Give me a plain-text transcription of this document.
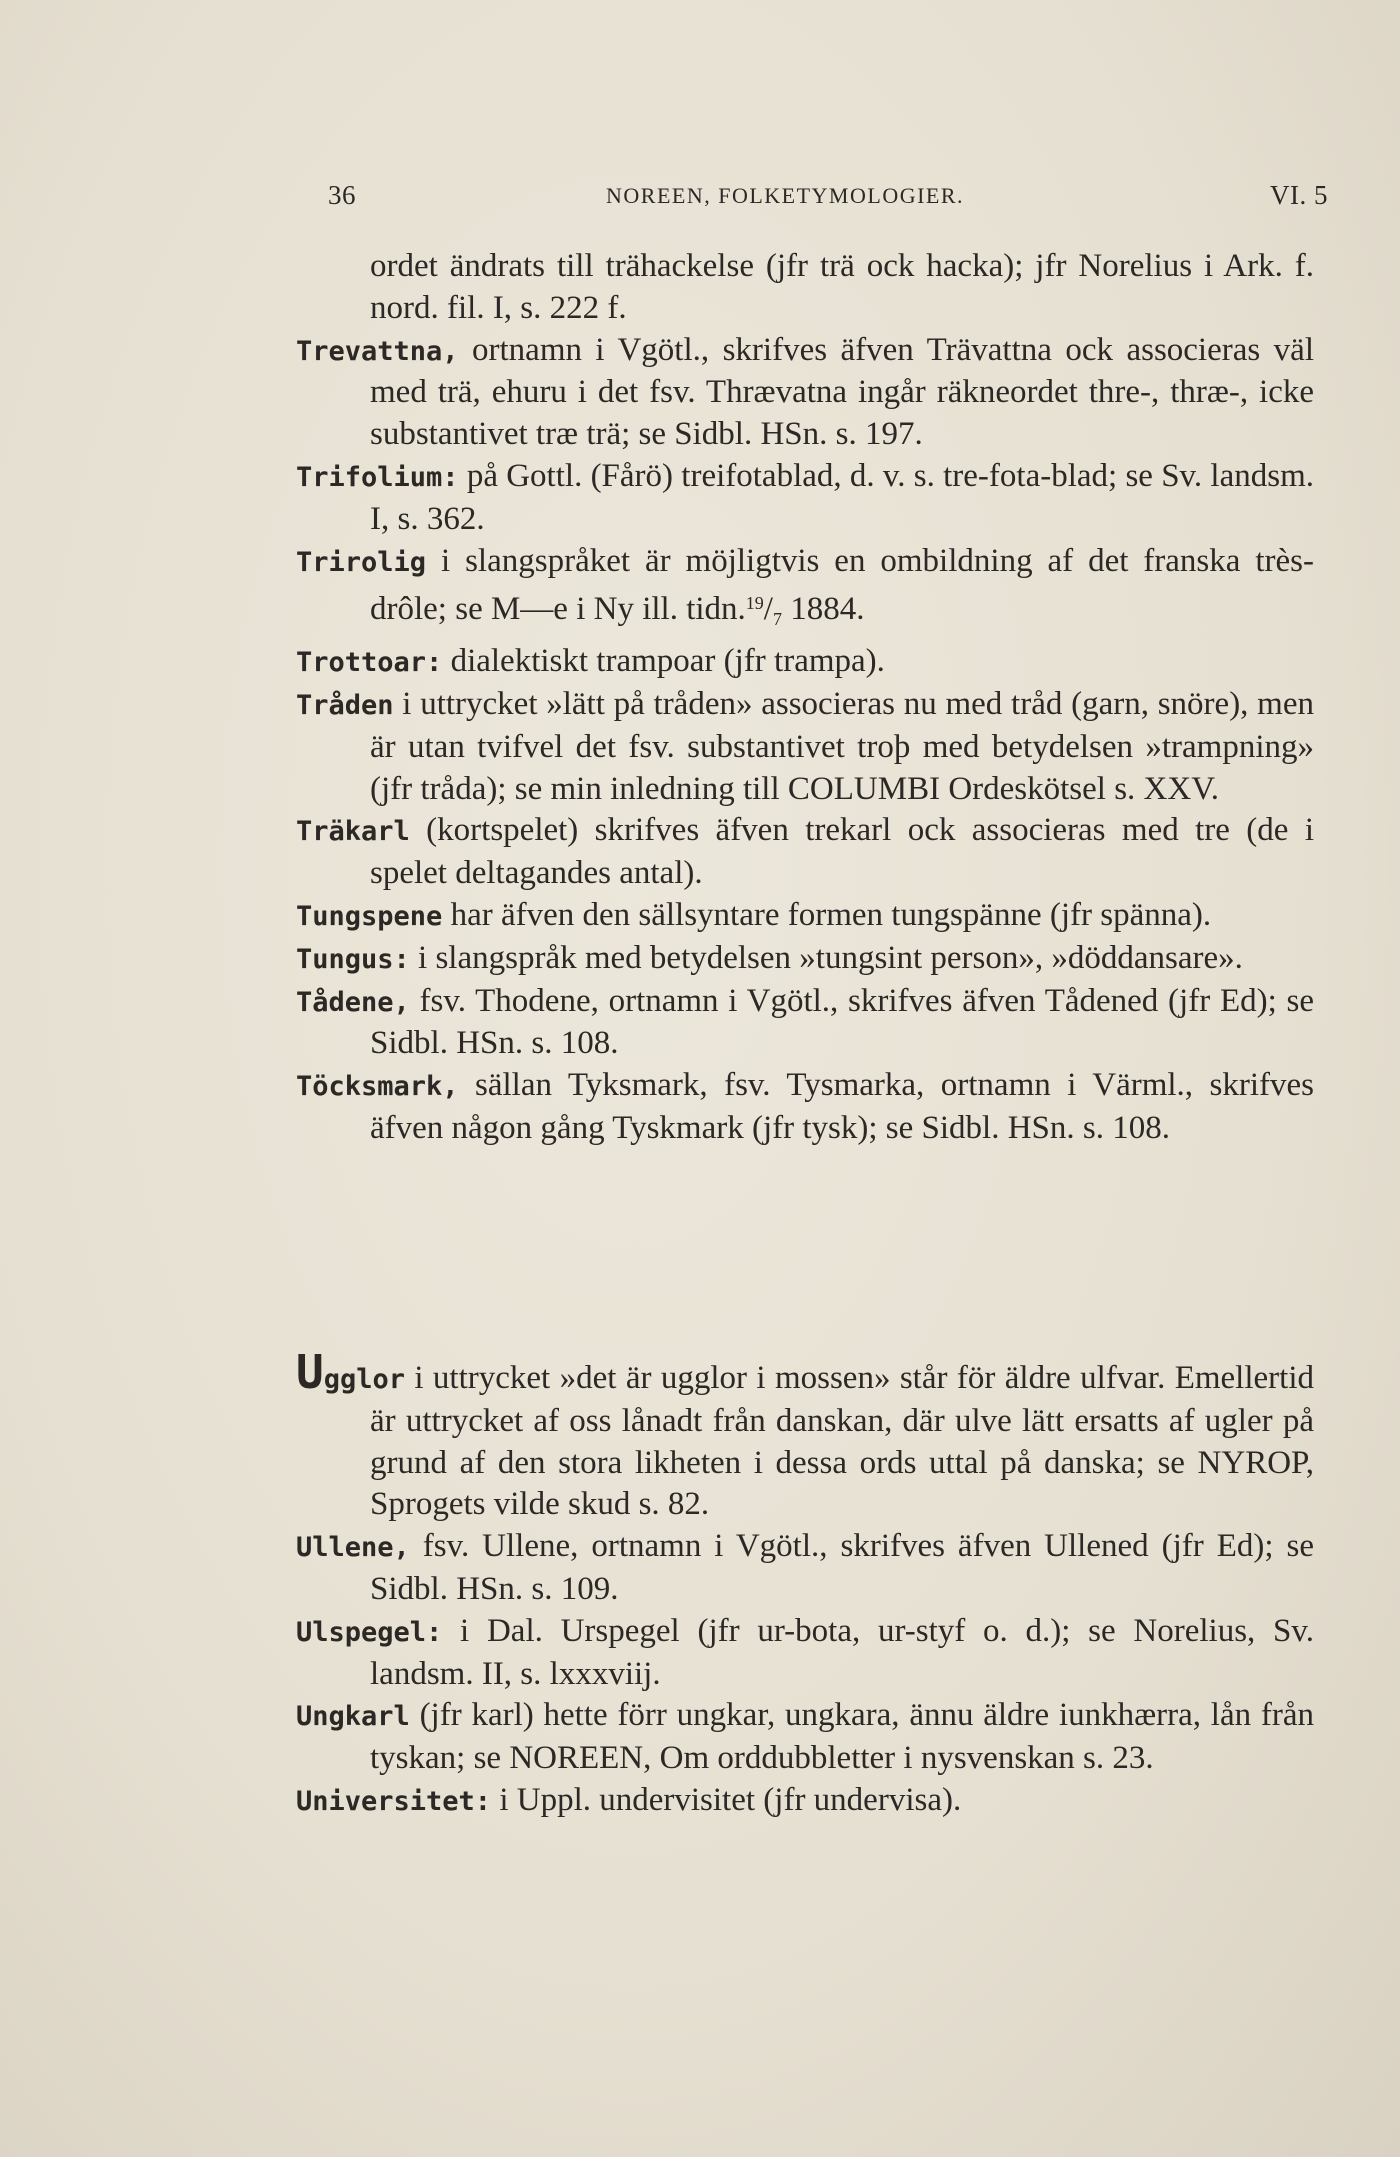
36	NOREEN, FOLKETYMOLOGIER.	VI. 5
ordet ändrats till trähackelse (jfr trä ock hacka); jfr Norelius i Ark. f. nord. fil. I, s. 222 f.
Trevattna, ortnamn i Vgötl., skrifves äfven Trävattna ock associeras väl med trä, ehuru i det fsv. Thrævatna ingår räkneordet thre-, thræ-, icke substantivet træ trä; se Sidbl. HSn. s. 197.
Trifolium: på Gottl. (Fårö) treifotablad, d. v. s. tre-fota-blad; se Sv. landsm. I, s. 362.
Trirolig i slangspråket är möjligtvis en ombildning af det franska très-drôle; se M—e i Ny ill. $tidn.^{19}/_7$ 1884.
Trottoar: dialektiskt trampoar (jfr trampa).
Tråden i uttrycket »lätt på tråden» associeras nu med tråd (garn, snöre), men är utan tvifvel det fsv. substantivet troþ med betydelsen »trampning» (jfr tråda); se min inledning till COLUMBI Ordeskötsel s. XXV.
Träkarl (kortspelet) skrifves äfven trekarl ock associeras med tre (de i spelet deltagandes antal).
Tungspene har äfven den sällsyntare formen tungspänne (jfr spänna).
Tungus: i slangspråk med betydelsen »tungsint person», »döddansare».
Tådene, fsv. Thodene, ortnamn i Vgötl., skrifves äfven Tådened (jfr Ed); se Sidbl. HSn. s. 108.
Töcksmark, sällan Tyksmark, fsv. Tysmarka, ortnamn i Värml., skrifves äfven någon gång Tyskmark (jfr tysk); se Sidbl. HSn. s. 108.
Ugglor i uttrycket »det är ugglor i mossen» står för äldre ulfvar. Emellertid är uttrycket af oss lånadt från danskan, där ulve lätt ersatts af ugler på grund af den stora likheten i dessa ords uttal på danska; se NYROP, Sprogets vilde skud s. 82.
Ullene, fsv. Ullene, ortnamn i Vgötl., skrifves äfven Ullened (jfr Ed); se Sidbl. HSn. s. 109.
Ulspegel: i Dal. Urspegel (jfr ur-bota, ur-styf o. d.); se Norelius, Sv. landsm. II, s. lxxxviij.
Ungkarl (jfr karl) hette förr ungkar, ungkara, ännu äldre iunkhærra, lån från tyskan; se NOREEN, Om orddubbletter i nysvenskan s. 23.
Universitet: i Uppl. undervisitet (jfr undervisa).
